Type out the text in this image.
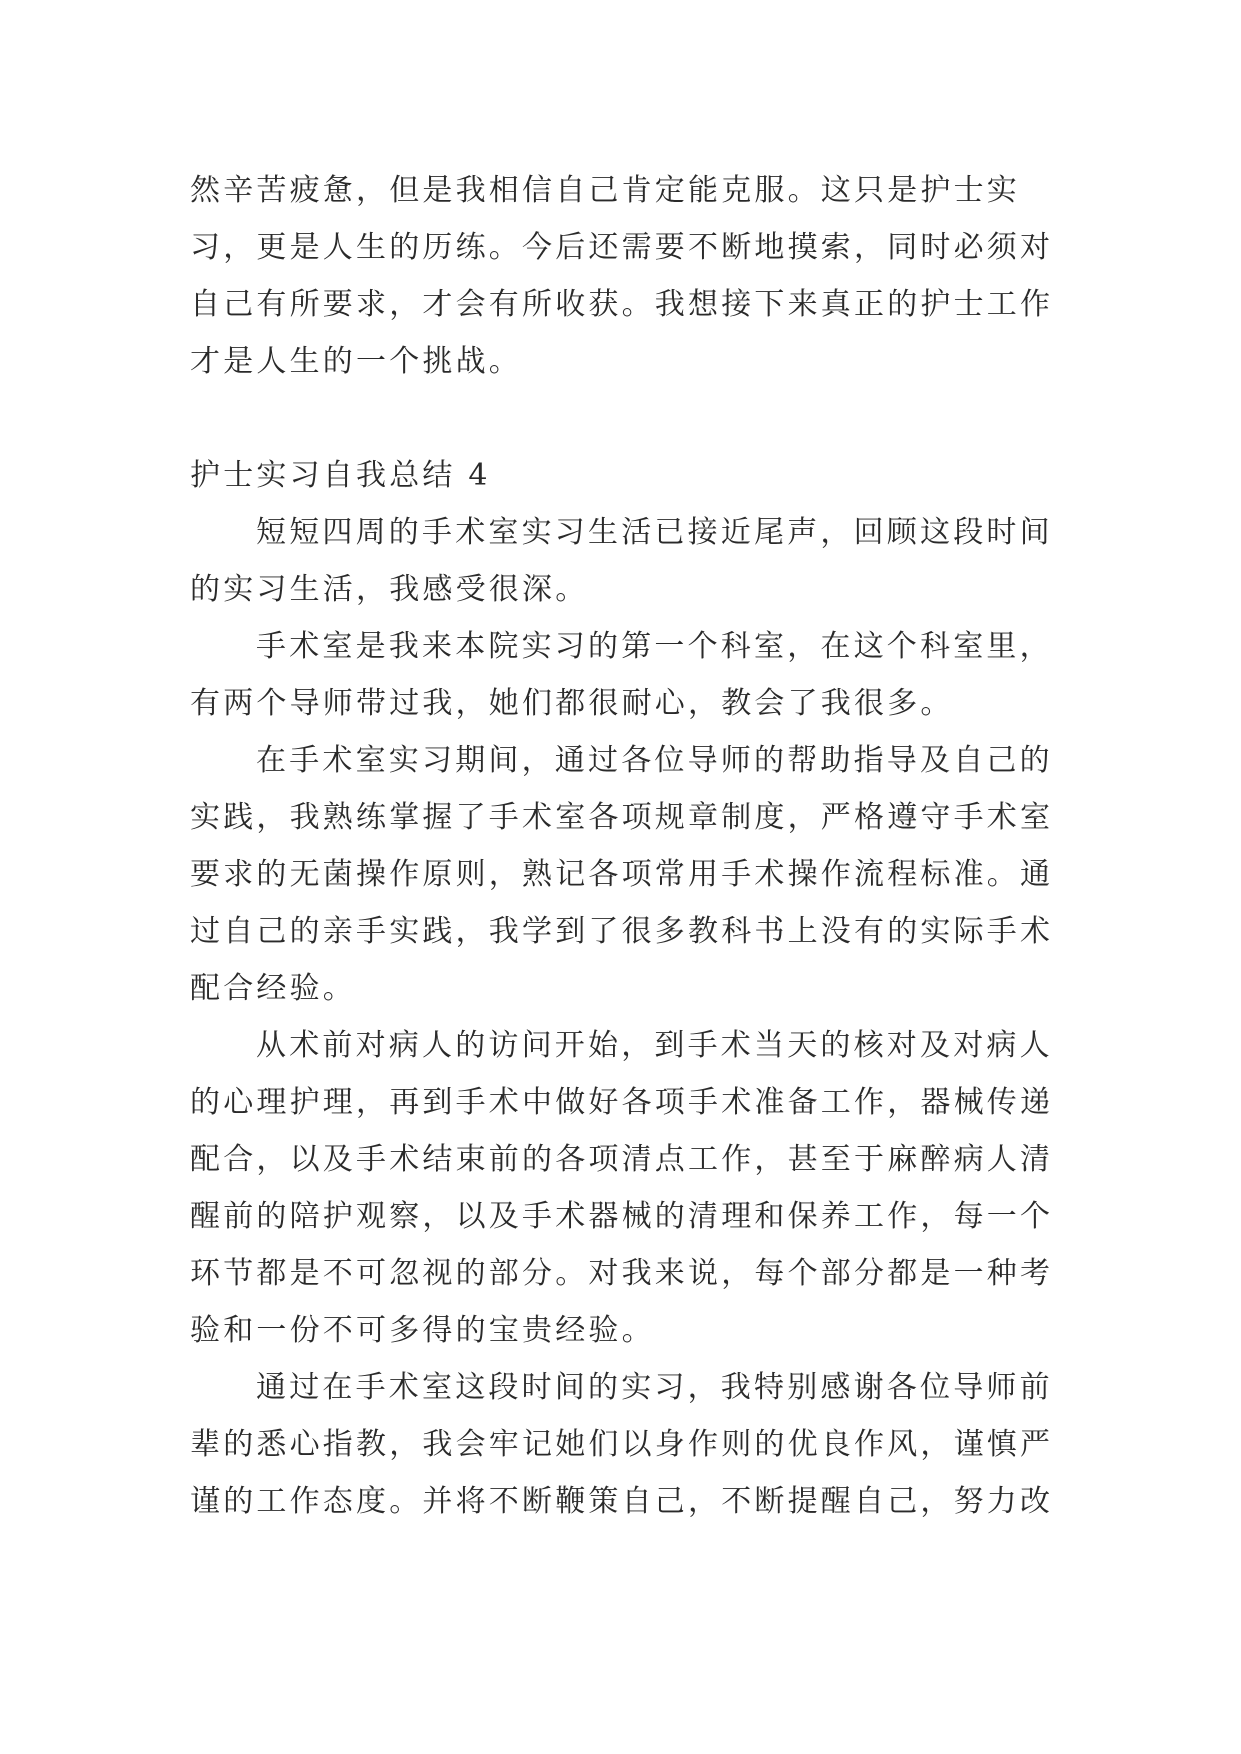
然辛苦疲惫，但是我相信自己肯定能克服。这只是护士实习，更是人生的历练。今后还需要不断地摸索，同时必须对自己有所要求，才会有所收获。我想接下来真正的护士工作才是人生的一个挑战。

护士实习自我总结 4

短短四周的手术室实习生活已接近尾声，回顾这段时间的实习生活，我感受很深。

手术室是我来本院实习的第一个科室，在这个科室里，有两个导师带过我，她们都很耐心，教会了我很多。

在手术室实习期间，通过各位导师的帮助指导及自己的实践，我熟练掌握了手术室各项规章制度，严格遵守手术室要求的无菌操作原则，熟记各项常用手术操作流程标准。通过自己的亲手实践，我学到了很多教科书上没有的实际手术配合经验。

从术前对病人的访问开始，到手术当天的核对及对病人的心理护理，再到手术中做好各项手术准备工作，器械传递配合，以及手术结束前的各项清点工作，甚至于麻醉病人清醒前的陪护观察，以及手术器械的清理和保养工作，每一个环节都是不可忽视的部分。对我来说，每个部分都是一种考验和一份不可多得的宝贵经验。

通过在手术室这段时间的实习，我特别感谢各位导师前辈的悉心指教，我会牢记她们以身作则的优良作风，谨慎严谨的工作态度。并将不断鞭策自己，不断提醒自己，努力改
